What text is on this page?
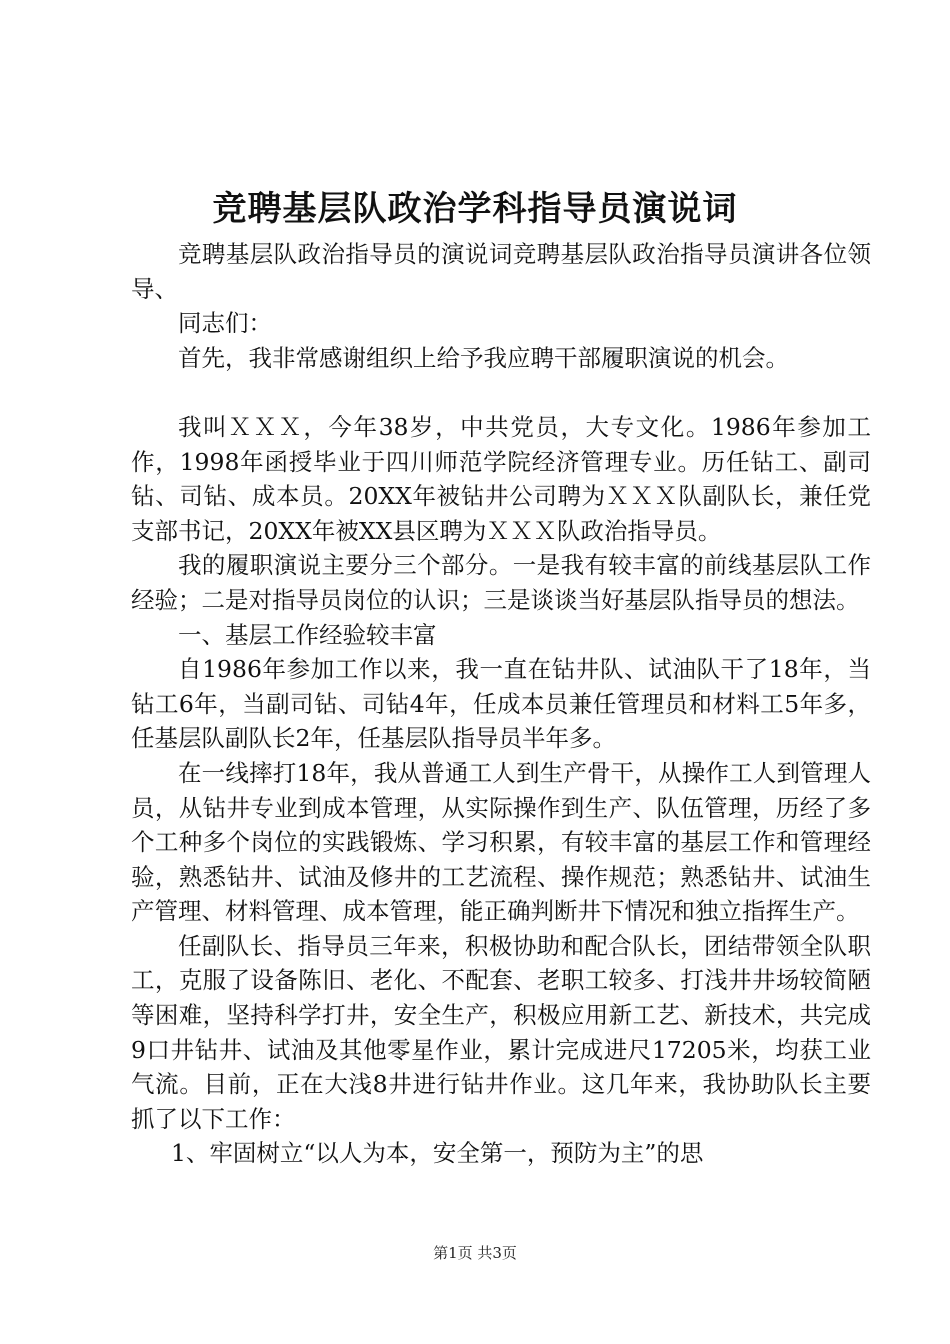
竞聘基层队政治学科指导员演说词

竞聘基层队政治指导员的演说词竞聘基层队政治指导员演讲各位领导、

同志们：

首先，我非常感谢组织上给予我应聘干部履职演说的机会。

我叫ＸＸＸ，今年38岁，中共党员，大专文化。1986年参加工作，1998年函授毕业于四川师范学院经济管理专业。历任钻工、副司钻、司钻、成本员。20XX年被钻井公司聘为ＸＸＸ队副队长，兼任党支部书记，20XX年被XX县区聘为ＸＸＸ队政治指导员。

我的履职演说主要分三个部分。一是我有较丰富的前线基层队工作经验；二是对指导员岗位的认识；三是谈谈当好基层队指导员的想法。

一、基层工作经验较丰富

自1986年参加工作以来，我一直在钻井队、试油队干了18年，当钻工6年，当副司钻、司钻4年，任成本员兼任管理员和材料工5年多，任基层队副队长2年，任基层队指导员半年多。

在一线摔打18年，我从普通工人到生产骨干，从操作工人到管理人员，从钻井专业到成本管理，从实际操作到生产、队伍管理，历经了多个工种多个岗位的实践锻炼、学习积累，有较丰富的基层工作和管理经验，熟悉钻井、试油及修井的工艺流程、操作规范；熟悉钻井、试油生产管理、材料管理、成本管理，能正确判断井下情况和独立指挥生产。

任副队长、指导员三年来，积极协助和配合队长，团结带领全队职工，克服了设备陈旧、老化、不配套、老职工较多、打浅井井场较简陋等困难，坚持科学打井，安全生产，积极应用新工艺、新技术，共完成9口井钻井、试油及其他零星作业，累计完成进尺17205米，均获工业气流。目前，正在大浅8井进行钻井作业。这几年来，我协助队长主要抓了以下工作：

1、牢固树立“以人为本，安全第一，预防为主”的思

第1页 共3页
